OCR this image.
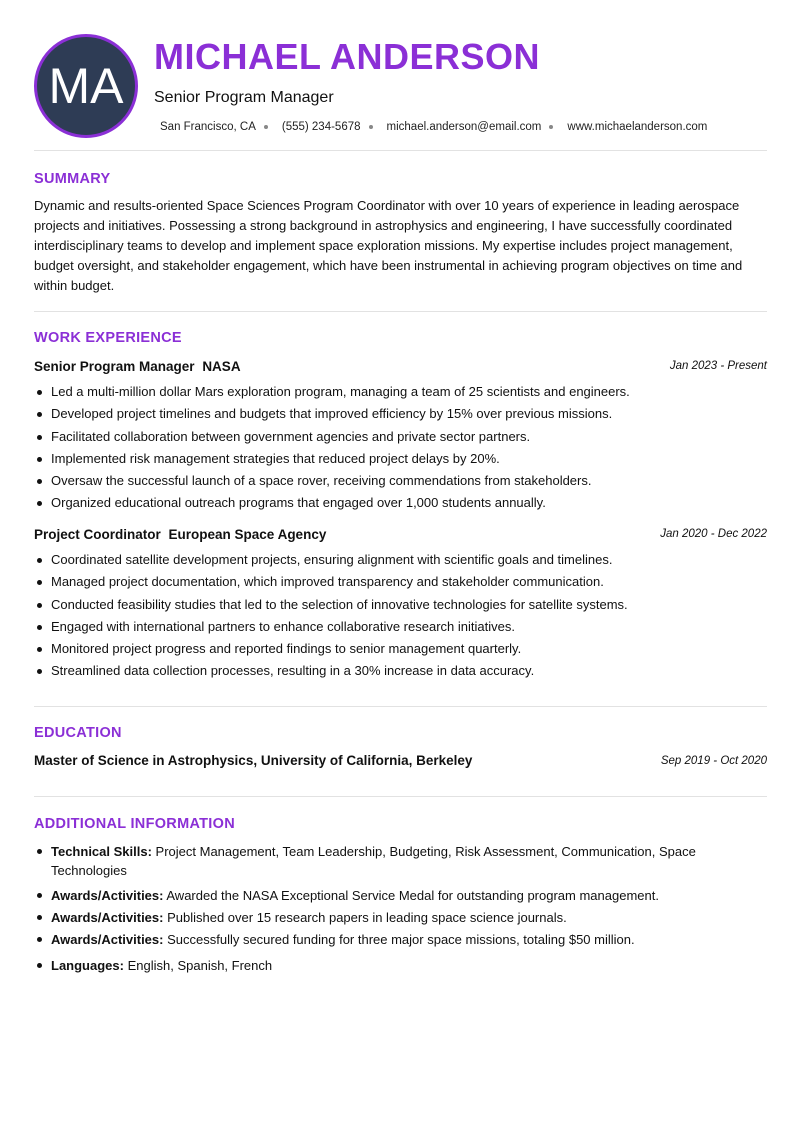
MA
MICHAEL ANDERSON
Senior Program Manager
San Francisco, CA (555) 234-5678 michael.anderson@email.com www.michaelanderson.com
SUMMARY
Dynamic and results-oriented Space Sciences Program Coordinator with over 10 years of experience in leading aerospace projects and initiatives. Possessing a strong background in astrophysics and engineering, I have successfully coordinated interdisciplinary teams to develop and implement space exploration missions. My expertise includes project management, budget oversight, and stakeholder engagement, which have been instrumental in achieving program objectives on time and within budget.
WORK EXPERIENCE
Senior Program Manager NASA	Jan 2023 - Present
Led a multi-million dollar Mars exploration program, managing a team of 25 scientists and engineers.
Developed project timelines and budgets that improved efficiency by 15% over previous missions.
Facilitated collaboration between government agencies and private sector partners.
Implemented risk management strategies that reduced project delays by 20%.
Oversaw the successful launch of a space rover, receiving commendations from stakeholders.
Organized educational outreach programs that engaged over 1,000 students annually.
Project Coordinator European Space Agency	Jan 2020 - Dec 2022
Coordinated satellite development projects, ensuring alignment with scientific goals and timelines.
Managed project documentation, which improved transparency and stakeholder communication.
Conducted feasibility studies that led to the selection of innovative technologies for satellite systems.
Engaged with international partners to enhance collaborative research initiatives.
Monitored project progress and reported findings to senior management quarterly.
Streamlined data collection processes, resulting in a 30% increase in data accuracy.
EDUCATION
Master of Science in Astrophysics, University of California, Berkeley	Sep 2019 - Oct 2020
ADDITIONAL INFORMATION
Technical Skills: Project Management, Team Leadership, Budgeting, Risk Assessment, Communication, Space Technologies
Awards/Activities: Awarded the NASA Exceptional Service Medal for outstanding program management.
Awards/Activities: Published over 15 research papers in leading space science journals.
Awards/Activities: Successfully secured funding for three major space missions, totaling $50 million.
Languages: English, Spanish, French
